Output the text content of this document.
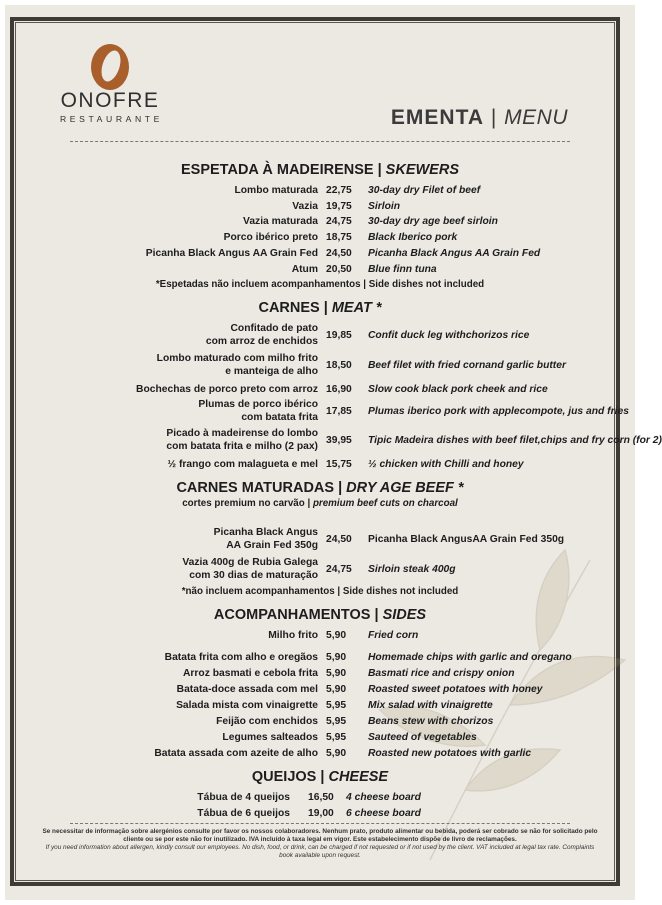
ONOFRE
RESTAURANTE	EMENTA | MENU
ESPETADA À MADEIRENSE | SKEWERS
Lombo maturada 22,75	30-day dry Filet of beef
Vazia 19,75	Sirloin
Vazia maturada 24,75	30-day dry age beef sirloin
Porco ibérico preto 18,75	Black Iberico pork
Picanha Black Angus AA Grain Fed 24,50	Picanha Black Angus AA Grain Fed
Atum 20,50	Blue finn tuna
*Espetadas não incluem acompanhamentos | Side dishes not included
CARNES | MEAT *
Confitado de pato
com arroz de enchidos
19,85	Confit duck leg withchorizos rice
Lombo maturado com milho frito
e manteiga de alho
18,50	Beef filet with fried cornand garlic butter
Bochechas de porco preto com arroz 16,90	Slow cook black pork cheek and rice
Plumas de porco ibérico
com batata frita
17,85	Plumas iberico pork with applecompote, jus and fries
Picado à madeirense do lombo
com batata frita e milho (2 pax)
39,95	Tipic Madeira dishes with beef filet,chips and fry corn (for 2)
½ frango com malagueta e mel 15,75	½ chicken with Chilli and honey
CARNES MATURADAS | DRY AGE BEEF *
cortes premium no carvão | premium beef cuts on charcoal
Picanha Black Angus
AA Grain Fed 350g
24,50	Picanha Black AngusAA Grain Fed 350g
Vazia 400g de Rubia Galega
com 30 dias de maturação
24,75	Sirloin steak 400g
*não incluem acompanhamentos | Side dishes not included
ACOMPANHAMENTOS | SIDES
Milho frito 5,90	Fried corn
Batata frita com alho e oregãos 5,90	Homemade chips with garlic and oregano
Arroz basmati e cebola frita 5,90	Basmati rice and crispy onion
Batata-doce assada com mel 5,90	Roasted sweet potatoes with honey
Salada mista com vinaigrette 5,95	Mix salad with vinaigrette
Feijão com enchidos 5,95	Beans stew with chorizos
Legumes salteados 5,95	Sauteed of vegetables
Batata assada com azeite de alho 5,90	Roasted new potatoes with garlic
QUEIJOS | CHEESE
Tábua de 4 queijos 16,50	4 cheese board
Tábua de 6 queijos 19,00	6 cheese board
Se necessitar de informação sobre alergénios consulte por favor os nossos colaboradores. Nenhum prato, produto alimentar ou bebida, poderá ser cobrado se não for solicitado pelo cliente ou se por este não for inutilizado. IVA incluído à taxa legal em vigor. Este estabelecimento dispõe de livro de reclamações.
If you need information about allergen, kindly consult our employees. No dish, food, or drink, can be charged if not requested or if not used by the client. VAT included at legal tax rate. Complaints book available upon request.
